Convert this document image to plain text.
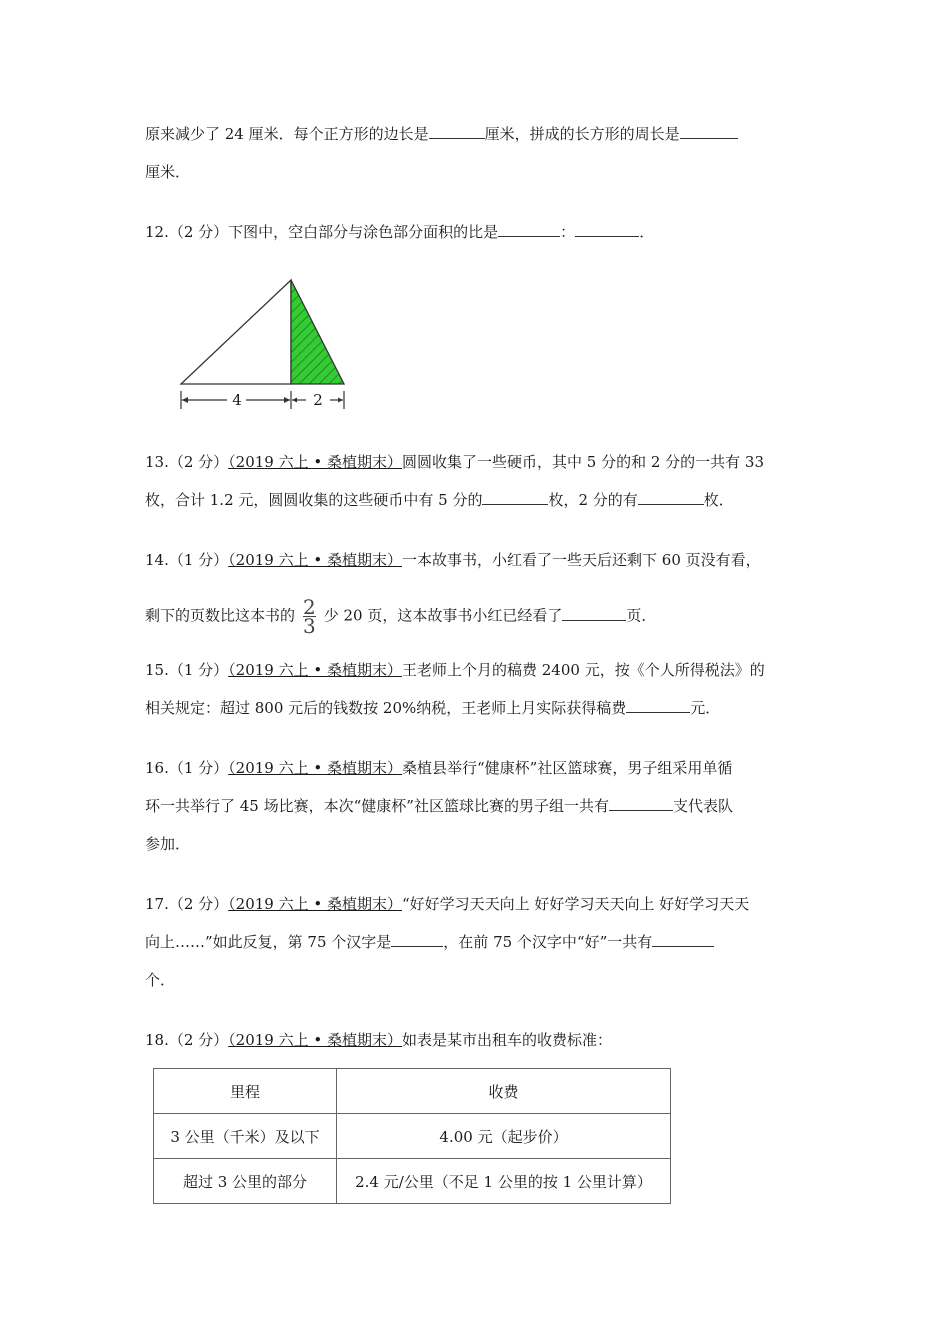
原来减少了 24 厘米．每个正方形的边长是	厘米，拼成的长方形的周长是
厘米．
12.（2 分）下图中，空白部分与涂色部分面积的比是	：	．
4	2
13.（2 分）（2019 六上 • 桑植期末）圆圆收集了一些硬币，其中 5 分的和 2 分的一共有 33
枚，合计 1.2 元，圆圆收集的这些硬币中有 5 分的	枚，2 分的有	枚．
14.（1 分）（2019 六上 • 桑植期末）一本故事书，小红看了一些天后还剩下 60 页没有看，
剩下的页数比这本书的 $\frac{2}{3}$ 少 20 页，这本故事书小红已经看了	页．
15.（1 分）（2019 六上 • 桑植期末）王老师上个月的稿费 2400 元，按《个人所得税法》的
相关规定：超过 800 元后的钱数按 20%纳税，王老师上月实际获得稿费	元．
16.（1 分）（2019 六上 • 桑植期末）桑植县举行“健康杯”社区篮球赛，男子组采用单循
环一共举行了 45 场比赛，本次“健康杯”社区篮球比赛的男子组一共有	支代表队
参加．
17.（2 分）（2019 六上 • 桑植期末）“好好学习天天向上 好好学习天天向上 好好学习天天
向上……”如此反复，第 75 个汉字是	，在前 75 个汉字中“好”一共有
个．
18.（2 分）（2019 六上 • 桑植期末）如表是某市出租车的收费标准：
里程	收费
3 公里（千米）及以下	4.00 元（起步价）
超过 3 公里的部分	2.4 元/公里（不足 1 公里的按 1 公里计算）
